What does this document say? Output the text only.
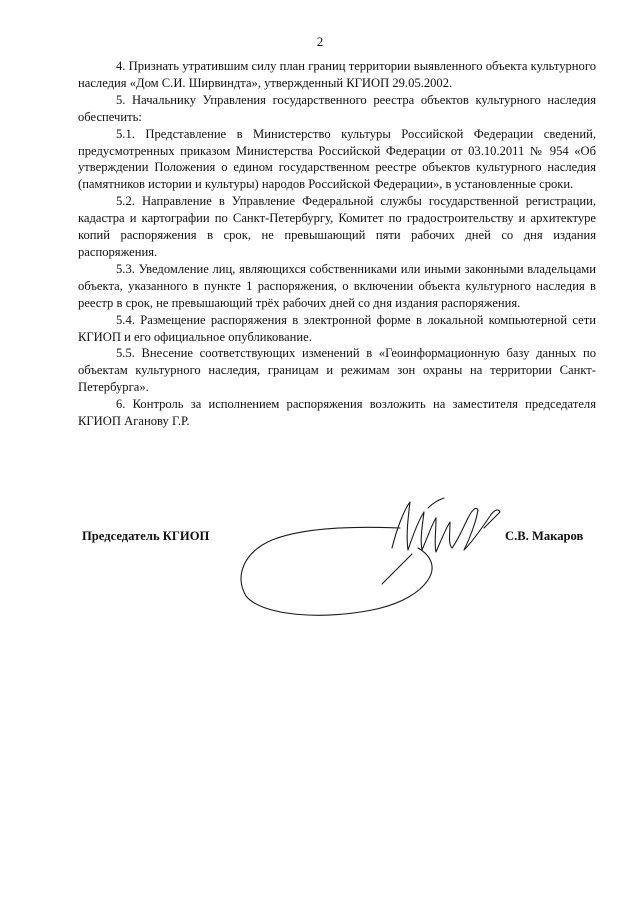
2

4. Признать утратившим силу план границ территории выявленного объекта культурного наследия «Дом С.И. Ширвиндта», утвержденный КГИОП 29.05.2002.

5. Начальнику Управления государственного реестра объектов культурного наследия обеспечить:

5.1. Представление в Министерство культуры Российской Федерации сведений, предусмотренных приказом Министерства Российской Федерации от 03.10.2011 № 954 «Об утверждении Положения о едином государственном реестре объектов культурного наследия (памятников истории и культуры) народов Российской Федерации», в установленные сроки.

5.2. Направление в Управление Федеральной службы государственной регистрации, кадастра и картографии по Санкт-Петербургу, Комитет по градостроительству и архитектуре копий распоряжения в срок, не превышающий пяти рабочих дней со дня издания распоряжения.

5.3. Уведомление лиц, являющихся собственниками или иными законными владельцами объекта, указанного в пункте 1 распоряжения, о включении объекта культурного наследия в реестр в срок, не превышающий трёх рабочих дней со дня издания распоряжения.

5.4. Размещение распоряжения в электронной форме в локальной компьютерной сети КГИОП и его официальное опубликование.

5.5. Внесение соответствующих изменений в «Геоинформационную базу данных по объектам культурного наследия, границам и режимам зон охраны на территории Санкт-Петербурга».

6. Контроль за исполнением распоряжения возложить на заместителя председателя КГИОП Аганову Г.Р.

Председатель КГИОП	С.В. Макаров
